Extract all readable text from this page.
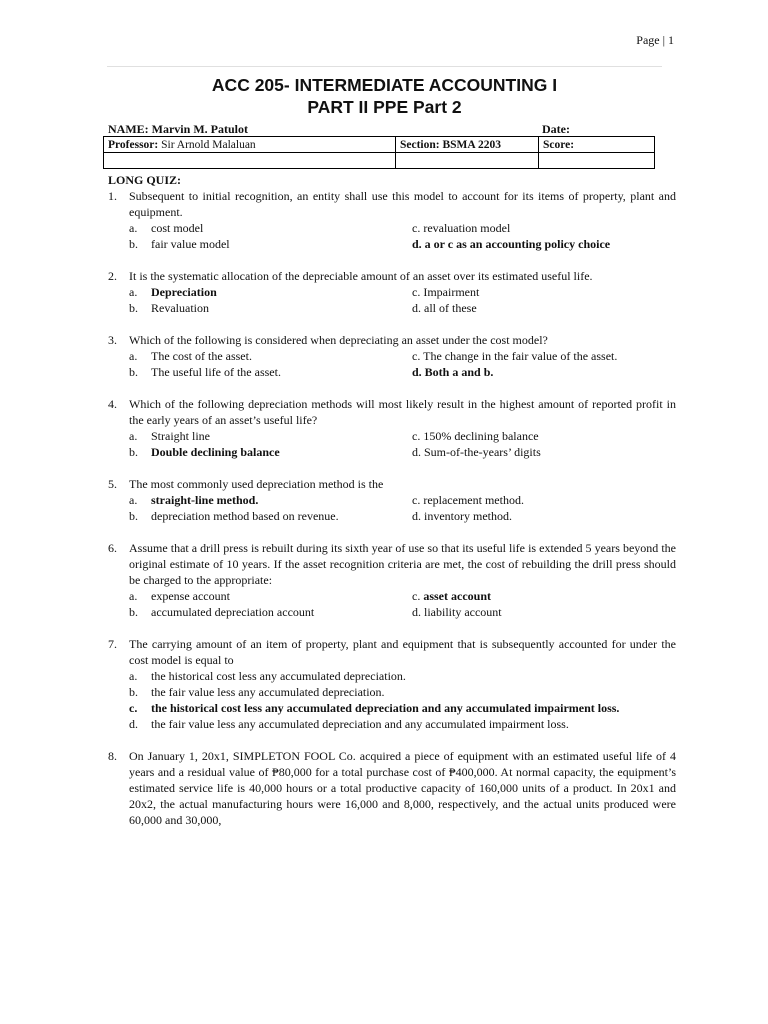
Page | 1
ACC 205- INTERMEDIATE ACCOUNTING I
PART II PPE Part 2
NAME: Marvin M. Patulot	Date:
Professor: Sir Arnold Malaluan	Section: BSMA 2203	Score:

LONG QUIZ:
1. Subsequent to initial recognition, an entity shall use this model to account for its items of property, plant and equipment.
a. cost model	c. revaluation model
b. fair value model	d. a or c as an accounting policy choice
2. It is the systematic allocation of the depreciable amount of an asset over its estimated useful life.
a. Depreciation	c. Impairment
b. Revaluation	d. all of these
3. Which of the following is considered when depreciating an asset under the cost model?
a. The cost of the asset.	c. The change in the fair value of the asset.
b. The useful life of the asset.	d. Both a and b.
4. Which of the following depreciation methods will most likely result in the highest amount of reported profit in the early years of an asset’s useful life?
a. Straight line	c. 150% declining balance
b. Double declining balance	d. Sum-of-the-years’ digits
5. The most commonly used depreciation method is the
a. straight-line method.	c. replacement method.
b. depreciation method based on revenue.	d. inventory method.
6. Assume that a drill press is rebuilt during its sixth year of use so that its useful life is extended 5 years beyond the original estimate of 10 years. If the asset recognition criteria are met, the cost of rebuilding the drill press should be charged to the appropriate:
a. expense account	c. asset account
b. accumulated depreciation account	d. liability account
7. The carrying amount of an item of property, plant and equipment that is subsequently accounted for under the cost model is equal to
a. the historical cost less any accumulated depreciation.
b. the fair value less any accumulated depreciation.
c. the historical cost less any accumulated depreciation and any accumulated impairment loss.
d. the fair value less any accumulated depreciation and any accumulated impairment loss.
8. On January 1, 20x1, SIMPLETON FOOL Co. acquired a piece of equipment with an estimated useful life of 4 years and a residual value of ₱80,000 for a total purchase cost of ₱400,000. At normal capacity, the equipment’s estimated service life is 40,000 hours or a total productive capacity of 160,000 units of a product. In 20x1 and 20x2, the actual manufacturing hours were 16,000 and 8,000, respectively, and the actual units produced were 60,000 and 30,000,
